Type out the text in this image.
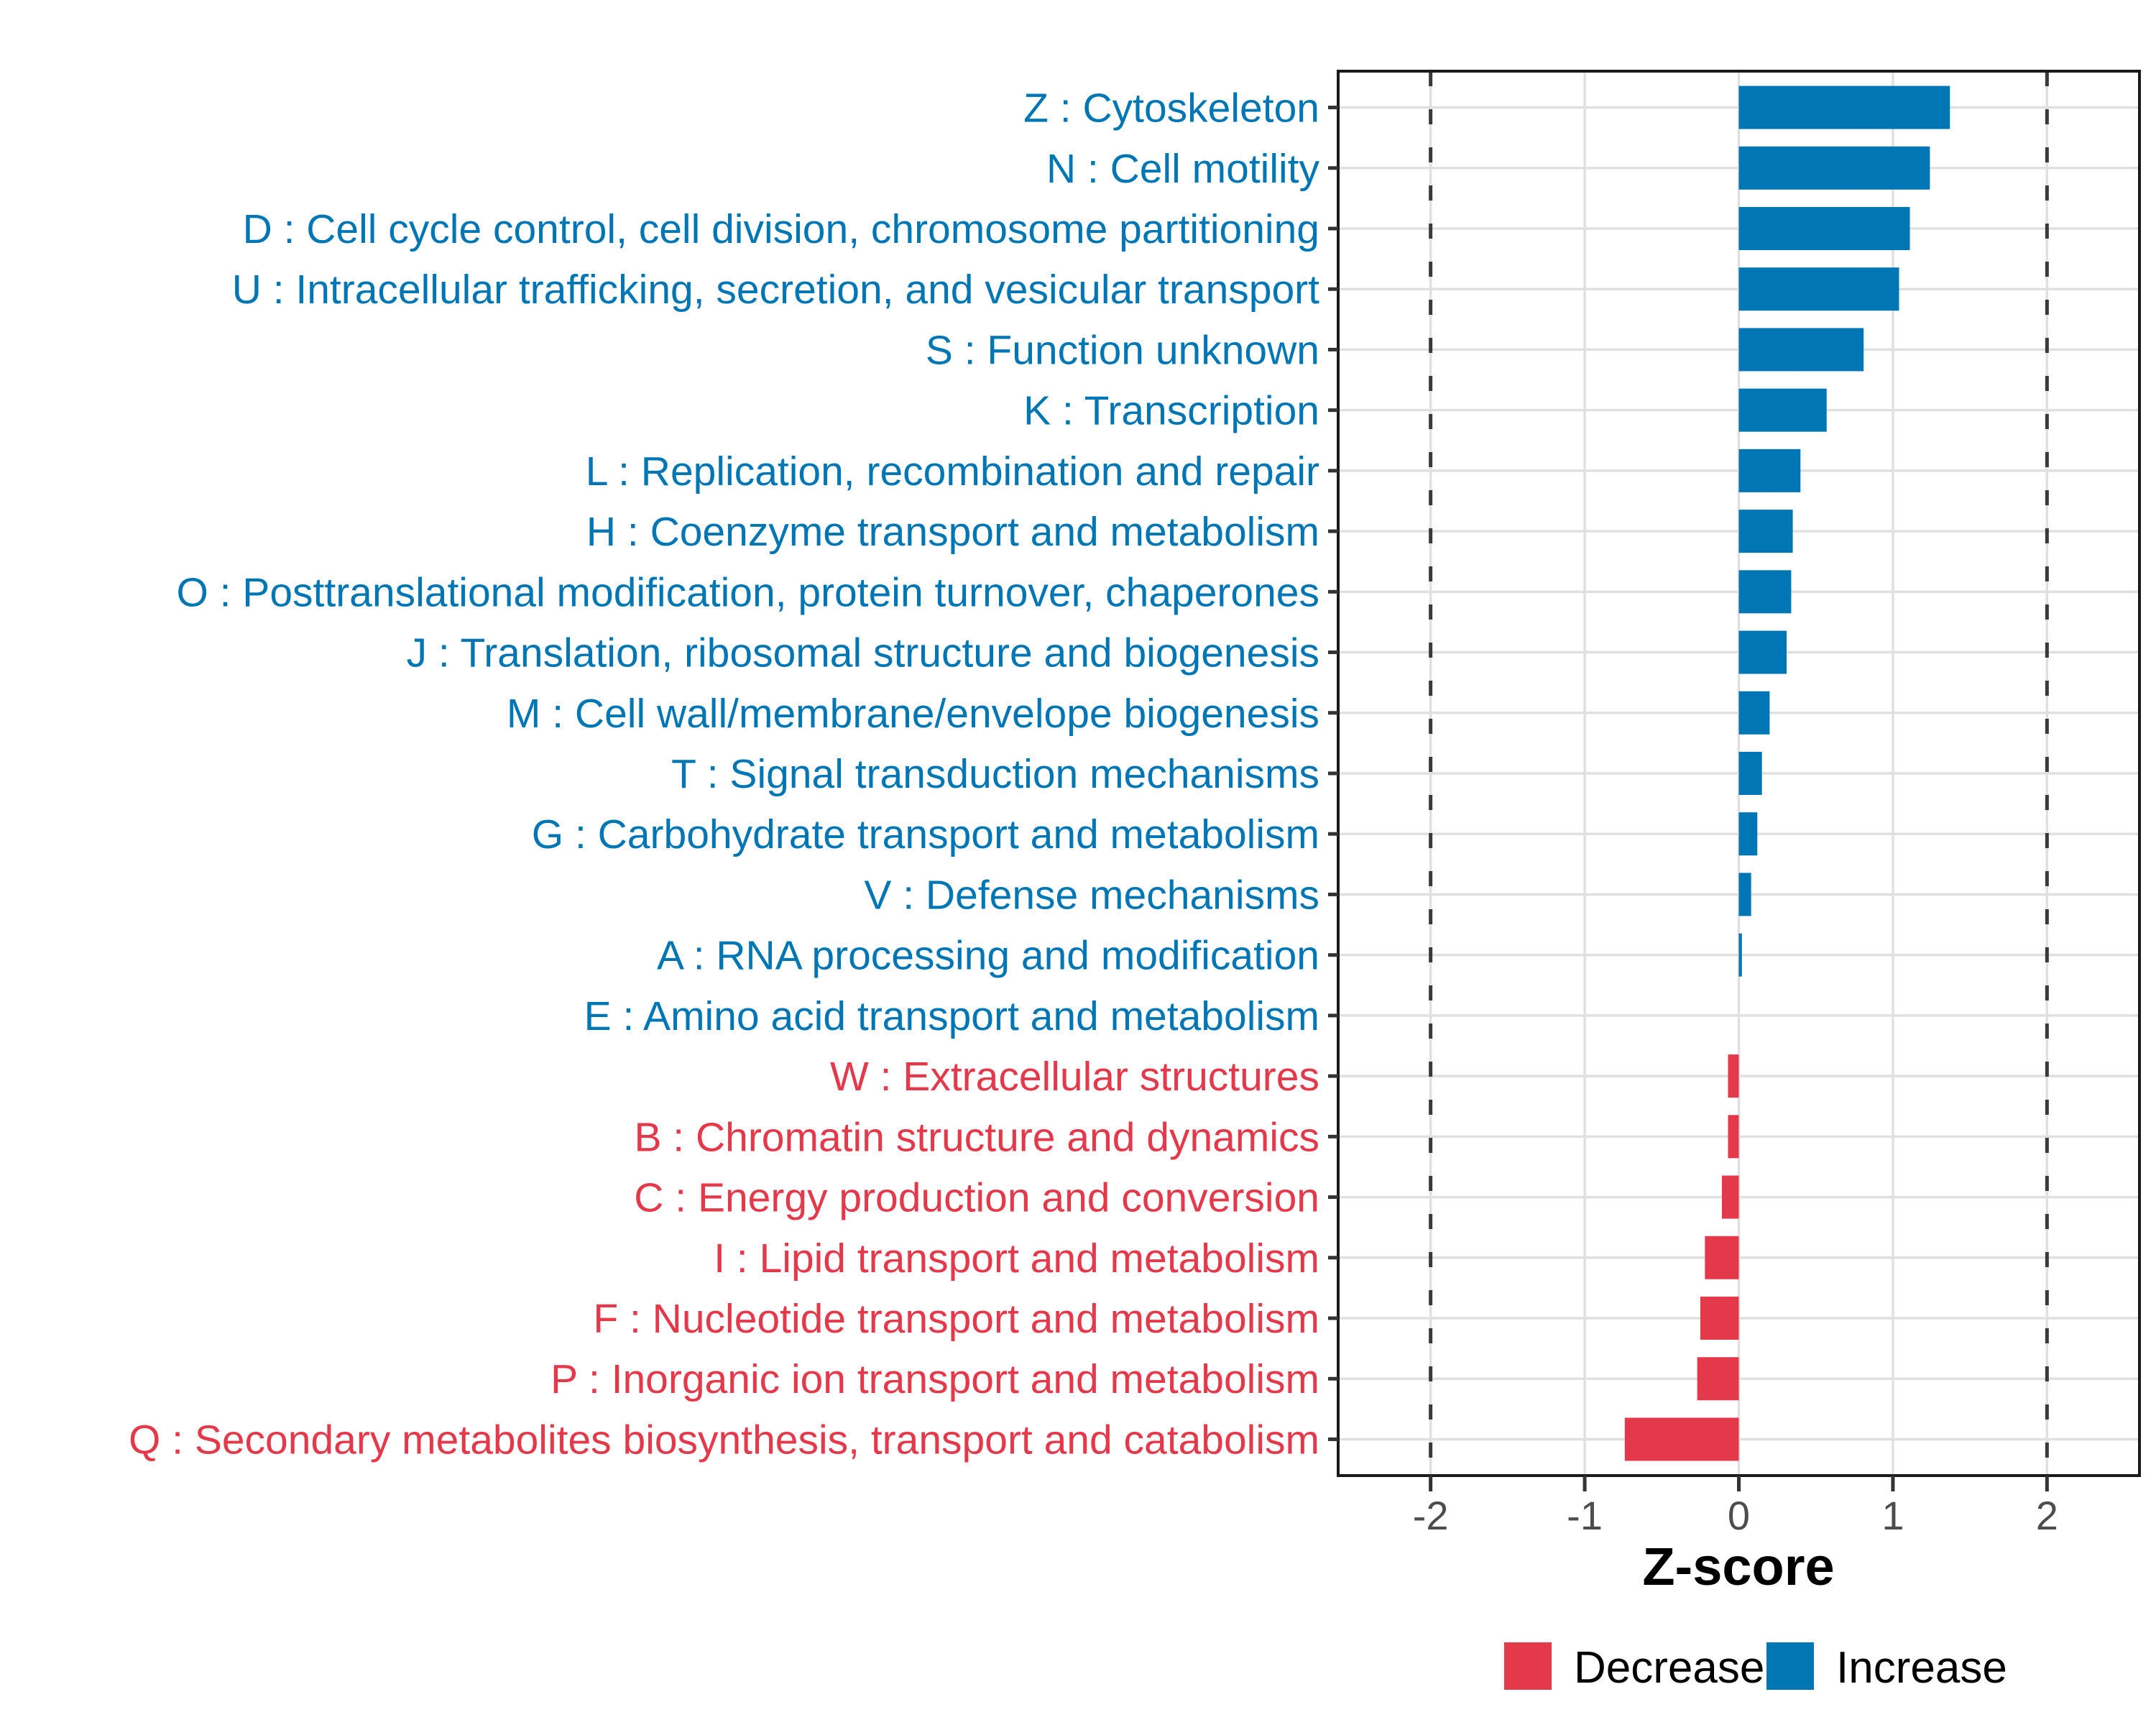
Z : Cytoskeleton
N : Cell motility
D : Cell cycle control, cell division, chromosome partitioning
U : Intracellular trafficking, secretion, and vesicular transport
S : Function unknown
K : Transcription
L : Replication, recombination and repair
H : Coenzyme transport and metabolism
O : Posttranslational modification, protein turnover, chaperones
J : Translation, ribosomal structure and biogenesis
M : Cell wall/membrane/envelope biogenesis
T : Signal transduction mechanisms
G : Carbohydrate transport and metabolism
V : Defense mechanisms
A : RNA processing and modification
E : Amino acid transport and metabolism
W : Extracellular structures
B : Chromatin structure and dynamics
C : Energy production and conversion
I : Lipid transport and metabolism
F : Nucleotide transport and metabolism
P : Inorganic ion transport and metabolism
Q : Secondary metabolites biosynthesis, transport and catabolism
-2	-1	0	1	2
Z-score
Decrease Increase
